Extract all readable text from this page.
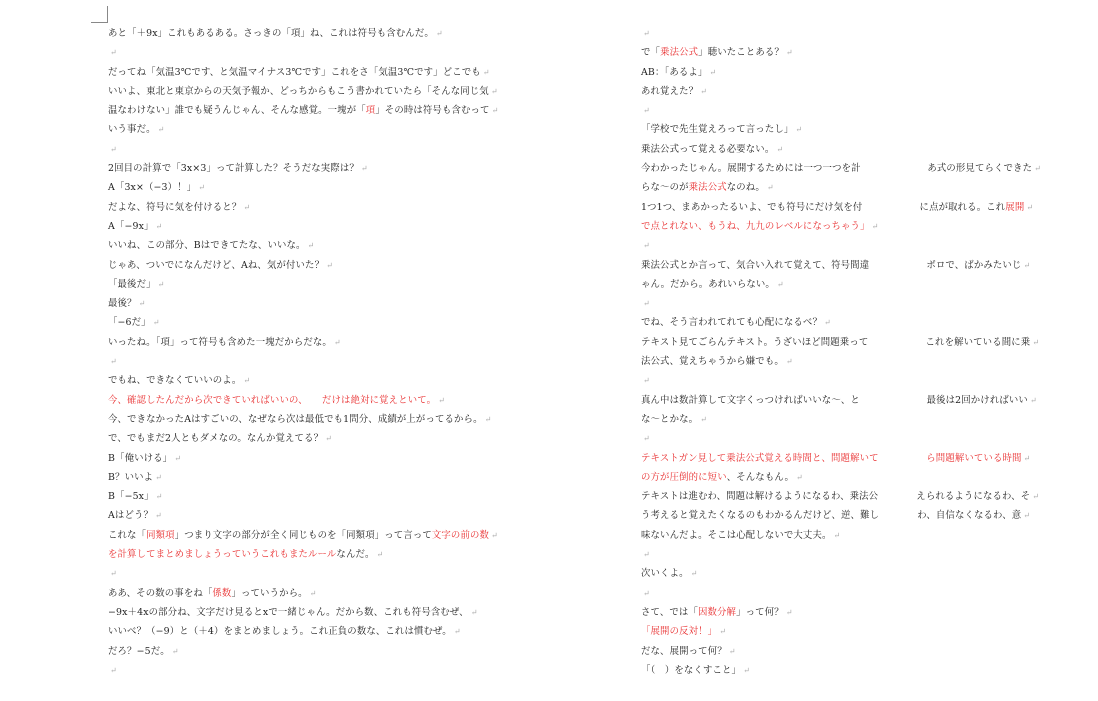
あと「＋9x」これもあるある。さっきの「項」ね、これは符号も含むんだ。 ↵
↵
だってね「気温3℃です、と気温マイナス3℃です」これをさ「気温3℃です」どこでも ↵
いいよ、東北と東京からの天気予報か、どっちからもこう書かれていたら「そんな同じ気 ↵
温なわけない」誰でも疑うんじゃん、そんな感覚。一塊が「項」その時は符号も含むって ↵
いう事だ。 ↵
↵
2回目の計算で「3x×3」って計算した？そうだな実際は？ ↵
A「3x×（−3）！」 ↵
だよな、符号に気を付けると？ ↵
A「−9x」 ↵
いいね、この部分、Bはできてたな、いいな。 ↵
じゃあ、ついでになんだけど、Aね、気が付いた？ ↵
「最後だ」 ↵
最後？ ↵
「−6だ」 ↵
いったね。「項」って符号も含めた一塊だからだな。 ↵
↵
でもね、できなくていいのよ。 ↵
今、確認したんだから次できていればいいの、　　だけは絶対に覚えといて。 ↵
今、できなかったAはすごいの、なぜなら次は最低でも1問分、成績が上がってるから。 ↵
で、でもまだ2人ともダメなの。なんか覚えてる？ ↵
B「俺いける」 ↵
B？いいよ ↵
B「−5x」 ↵
Aはどう？ ↵
これな「同類項」つまり文字の部分が全く同じものを「同類項」って言って文字の前の数 ↵
を計算してまとめましょうっていうこれもまたルールなんだ。 ↵
↵
ああ、その数の事をね「係数」っていうから。 ↵
−9x＋4xの部分ね、文字だけ見るとxで一緒じゃん。だから数、これも符号含むぜ、 ↵
いいべ？（−9）と（＋4）をまとめましょう。これ正負の数な、これは慣むぜ。 ↵
だろ？−5だ。 ↵
↵
↵
で「乗法公式」聴いたことある？ ↵
AB：「あるよ」 ↵
あれ覚えた？ ↵
↵
「学校で先生覚えろって言ったし」 ↵
乗法公式って覚える必要ない。 ↵
今わかったじゃん。展開するためには一つ一つを計　　　　　　　あ式の形見てらくできた ↵
らな〜のが乗法公式なのね。 ↵
1つ1つ、まあかったるいよ、でも符号にだけ気を付　　　　　　に点が取れる。これ展開 ↵
で点とれない、もうね、九九のレベルになっちゃう」 ↵
↵
乗法公式とか言って、気合い入れて覚えて、符号間違　　　　　　ボロで、ばかみたいじ ↵
ゃん。だから。あれいらない。 ↵
↵
でね、そう言われてれても心配になるべ？ ↵
テキスト見てごらんテキスト。うざいほど問題乗って　　　　　　これを解いている間に乗 ↵
法公式、覚えちゃうから嫌でも。 ↵
↵
真ん中は数計算して文字くっつければいいな〜、と　　　　　　　最後は2回かければいい ↵
な〜とかな。 ↵
↵
テキストガン見して乗法公式覚える時間と、問題解いて　　　　　ら問題解いている時間 ↵
の方が圧倒的に短い、そんなもん。 ↵
テキストは進むわ、問題は解けるようになるわ、乗法公　　　　えられるようになるわ、そ ↵
う考えると覚えたくなるのもわかるんだけど、逆、難し　　　　わ、自信なくなるわ、意 ↵
味ないんだよ。そこは心配しないで大丈夫。 ↵
↵
次いくよ。 ↵
↵
さて、では「因数分解」って何？ ↵
「展開の反対！」 ↵
だな、展開って何？ ↵
「（　）をなくすこと」 ↵
